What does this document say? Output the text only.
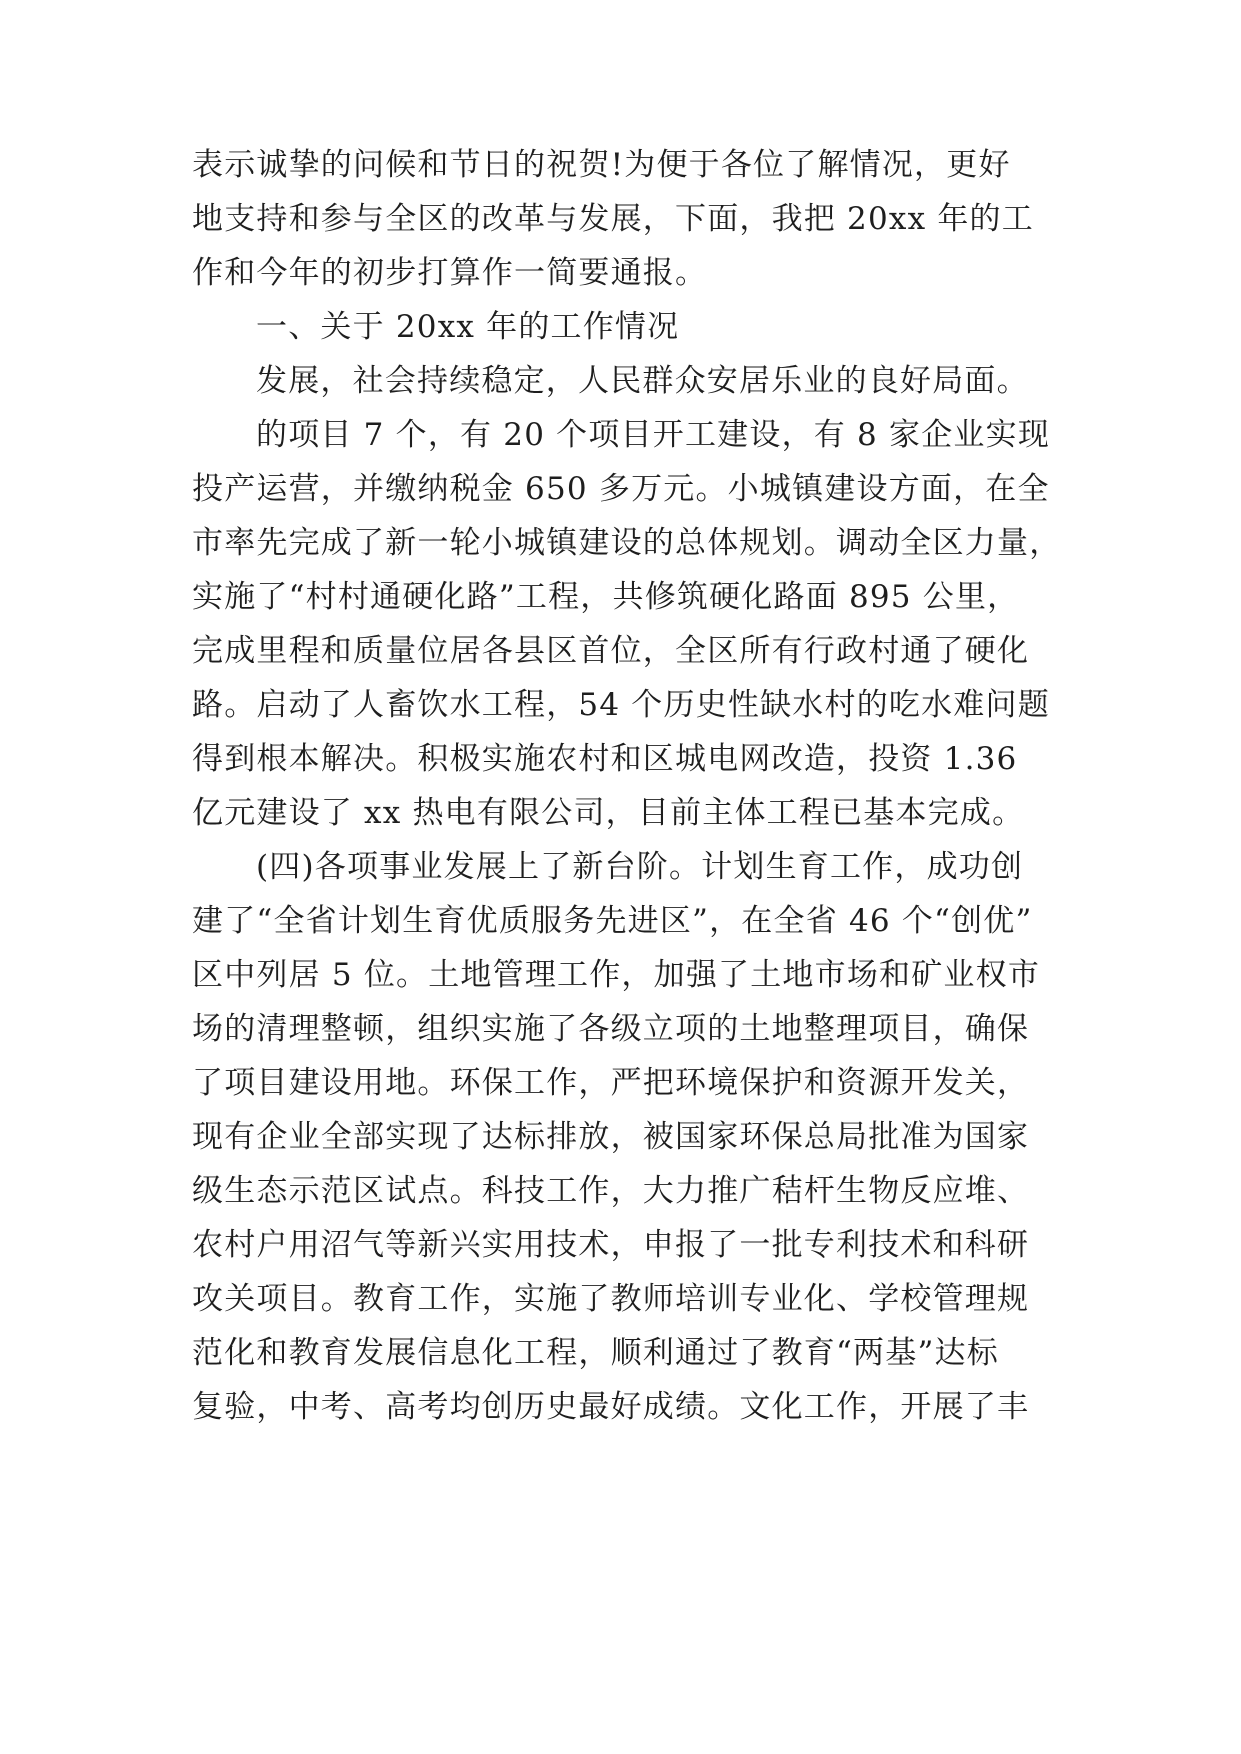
表示诚挚的问候和节日的祝贺!为便于各位了解情况，更好
地支持和参与全区的改革与发展，下面，我把 20xx 年的工
作和今年的初步打算作一简要通报。
一、关于 20xx 年的工作情况
发展，社会持续稳定，人民群众安居乐业的良好局面。
的项目 7 个，有 20 个项目开工建设，有 8 家企业实现
投产运营，并缴纳税金 650 多万元。小城镇建设方面，在全
市率先完成了新一轮小城镇建设的总体规划。调动全区力量，
实施了“村村通硬化路”工程，共修筑硬化路面 895 公里，
完成里程和质量位居各县区首位，全区所有行政村通了硬化
路。启动了人畜饮水工程，54 个历史性缺水村的吃水难问题
得到根本解决。积极实施农村和区城电网改造，投资 1.36
亿元建设了 xx 热电有限公司，目前主体工程已基本完成。
(四)各项事业发展上了新台阶。计划生育工作，成功创
建了“全省计划生育优质服务先进区”，在全省 46 个“创优”
区中列居 5 位。土地管理工作，加强了土地市场和矿业权市
场的清理整顿，组织实施了各级立项的土地整理项目，确保
了项目建设用地。环保工作，严把环境保护和资源开发关，
现有企业全部实现了达标排放，被国家环保总局批准为国家
级生态示范区试点。科技工作，大力推广秸杆生物反应堆、
农村户用沼气等新兴实用技术，申报了一批专利技术和科研
攻关项目。教育工作，实施了教师培训专业化、学校管理规
范化和教育发展信息化工程，顺利通过了教育“两基”达标
复验，中考、高考均创历史最好成绩。文化工作，开展了丰
